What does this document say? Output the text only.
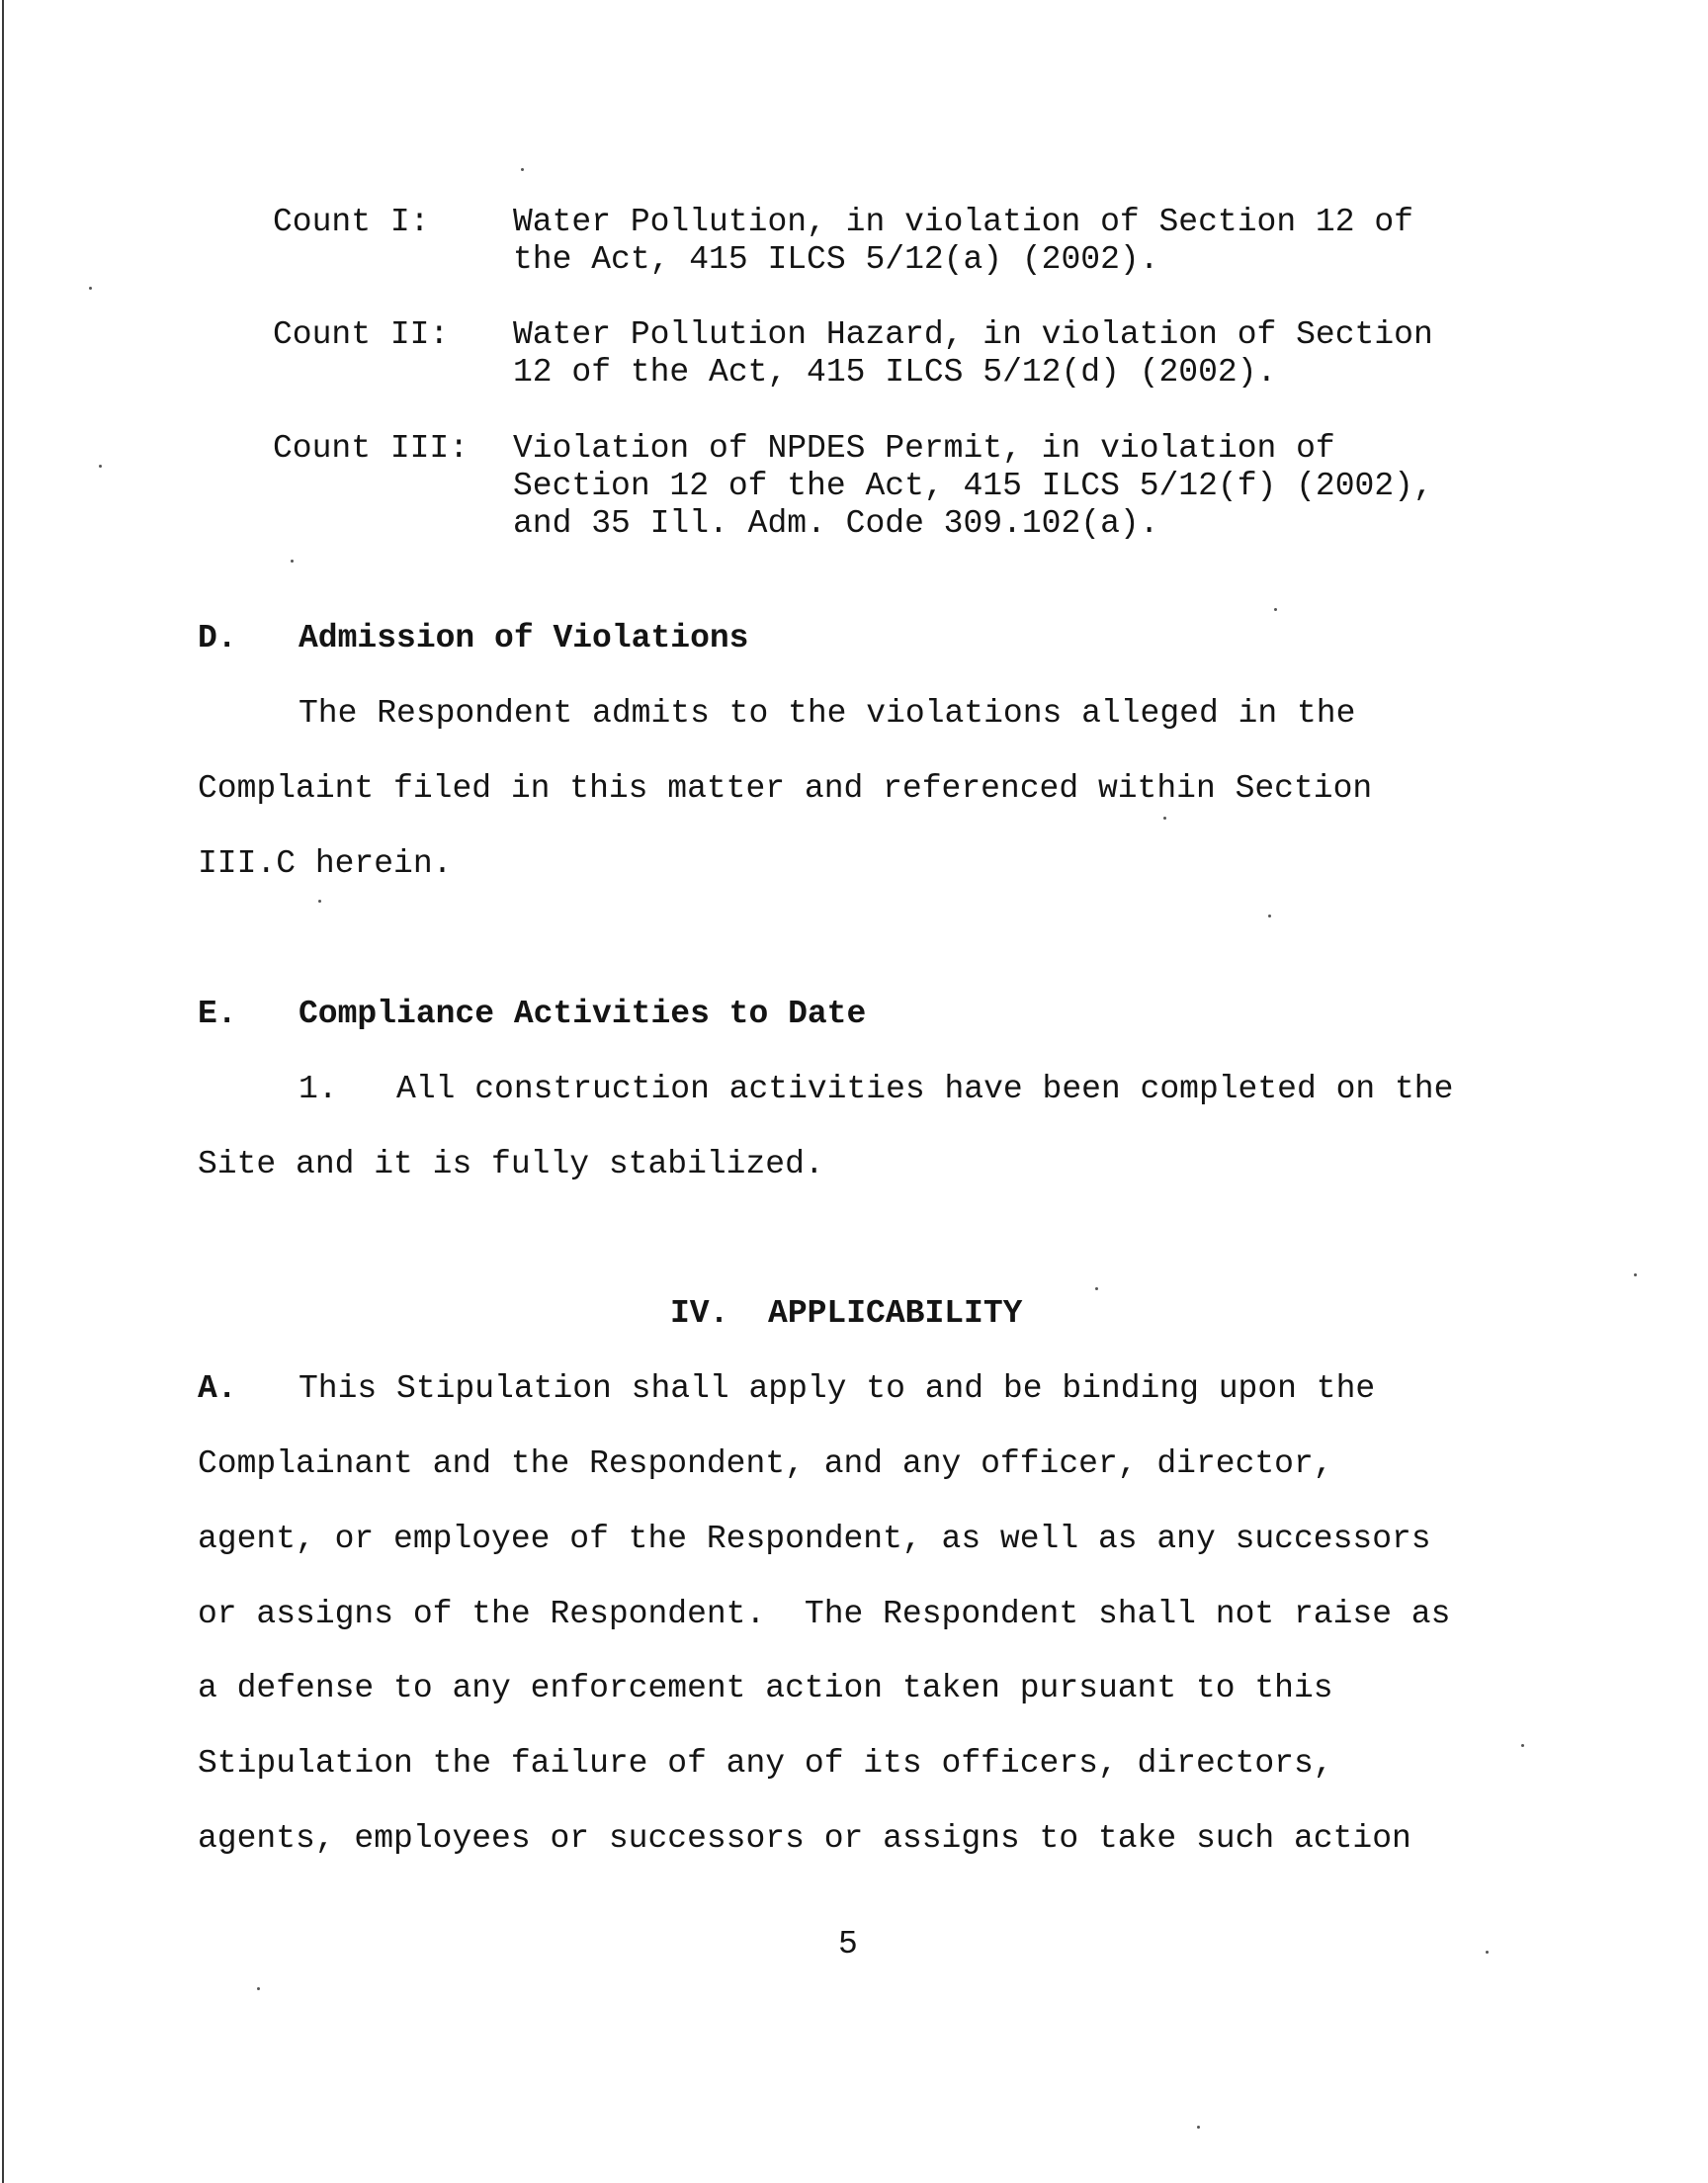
Count I:	Water Pollution, in violation of Section 12 of
the Act, 415 ILCS 5/12(a) (2002).
Count II: Water Pollution Hazard, in violation of Section
12 of the Act, 415 ILCS 5/12(d) (2002).
Count III: Violation of NPDES Permit, in violation of
Section 12 of the Act, 415 ILCS 5/12(f) (2002),
and 35 Ill. Adm. Code 309.102(a).
D. Admission of Violations
The Respondent admits to the violations alleged in the
Complaint filed in this matter and referenced within Section
III.C herein.
E. Compliance Activities to Date
1.   All construction activities have been completed on the
Site and it is fully stabilized.
IV.  APPLICABILITY
A. This Stipulation shall apply to and be binding upon the
Complainant and the Respondent, and any officer, director,
agent, or employee of the Respondent, as well as any successors
or assigns of the Respondent.  The Respondent shall not raise as
a defense to any enforcement action taken pursuant to this
Stipulation the failure of any of its officers, directors,
agents, employees or successors or assigns to take such action
5
